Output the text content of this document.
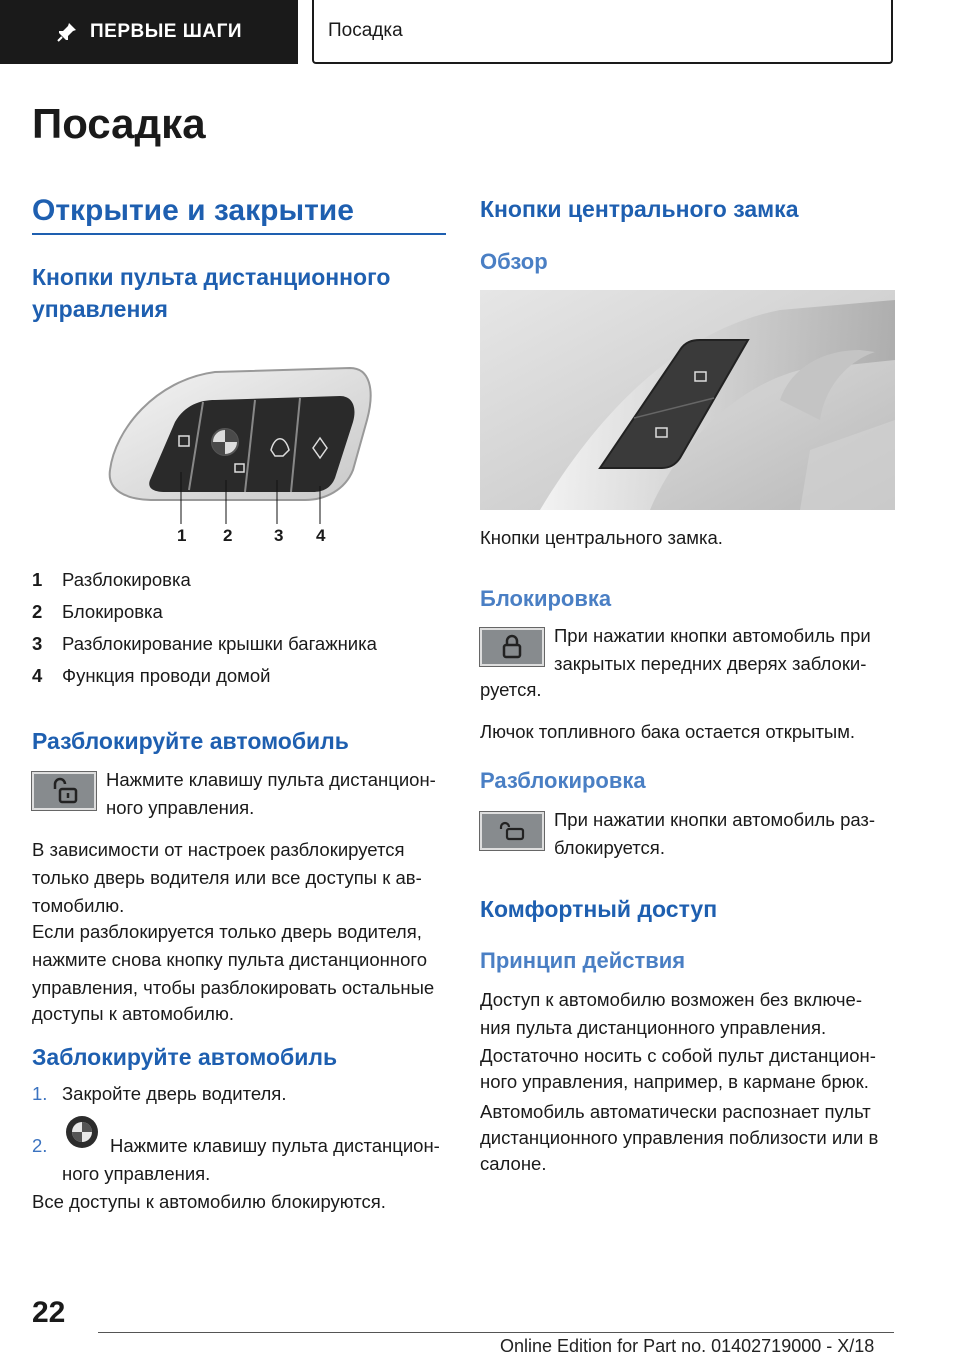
ПЕРВЫЕ ШАГИ	Посадка
Посадка
Открытие и закрытие
Кнопки пульта дистанционного
управления
1 2 3 4
1 Разблокировка
2 Блокировка
3 Разблокирование крышки багажника
4 Функция проводи домой
Разблокируйте автомобиль

Нажмите клавишу пульта дистанцион-

ного управления.

В зависимости от настроек разблокируется

только дверь водителя или все доступы к ав-

томобилю.

Если разблокируется только дверь водителя,

нажмите снова кнопку пульта дистанционного

управления, чтобы разблокировать остальные

доступы к автомобилю.

Заблокируйте автомобиль

1. Закройте дверь водителя.

2.	Нажмите клавишу пульта дистанцион-

ного управления.

Все доступы к автомобилю блокируются.

Кнопки центрального замка
Обзор

Кнопки центрального замка.

Блокировка

При нажатии кнопки автомобиль при

закрытых передних дверях заблоки-

руется.

Лючок топливного бака остается открытым.

Разблокировка

При нажатии кнопки автомобиль раз-

блокируется.

Комфортный доступ
Принцип действия

Доступ к автомобилю возможен без включе-

ния пульта дистанционного управления.

Достаточно носить с собой пульт дистанцион-

ного управления, например, в кармане брюк.

Автомобиль автоматически распознает пульт

дистанционного управления поблизости или в

салоне.

22
Online Edition for Part no. 01402719000 - X/18
